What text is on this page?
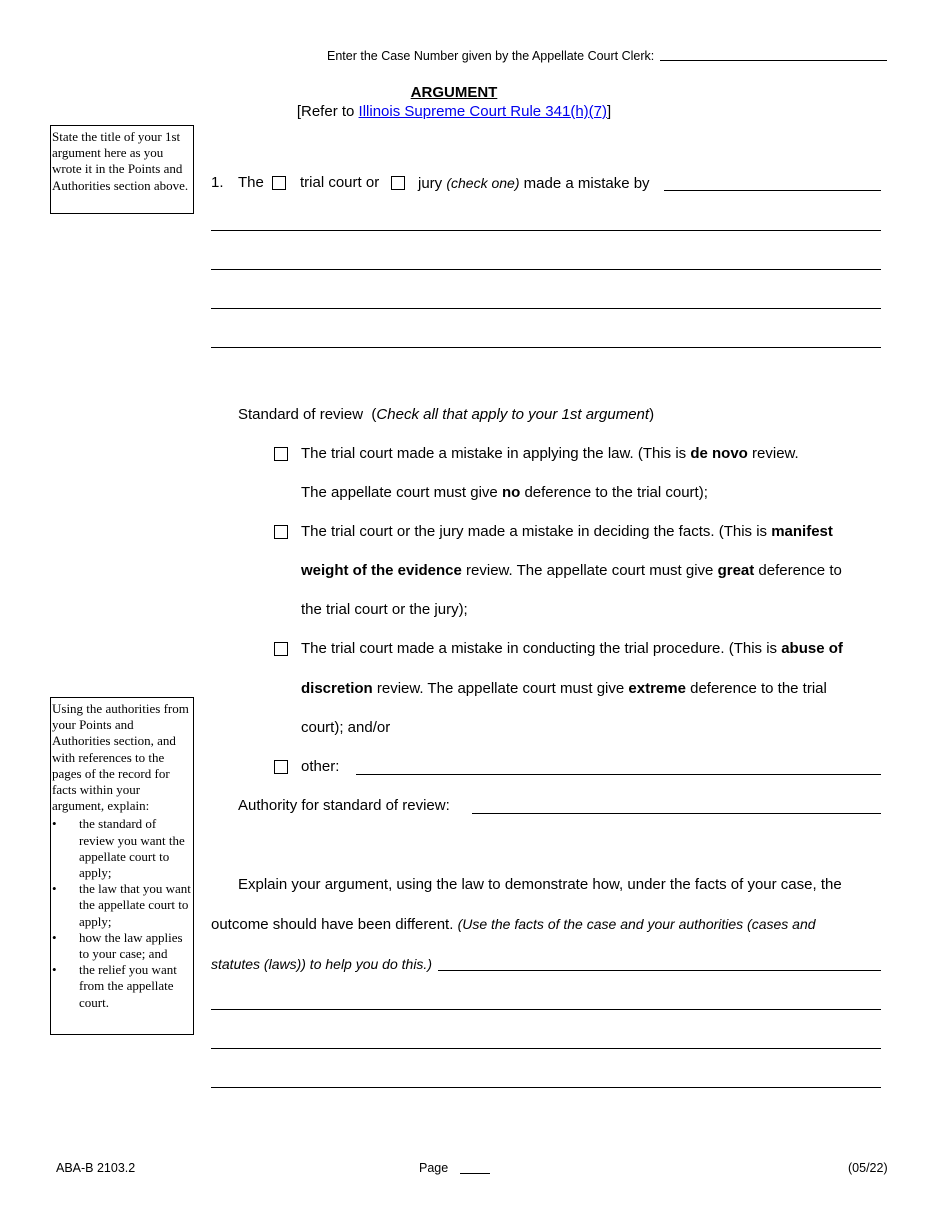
Enter the Case Number given by the Appellate Court Clerk:
ARGUMENT
[Refer to Illinois Supreme Court Rule 341(h)(7)]
State the title of your 1st argument here as you wrote it in the Points and Authorities section above.	1. The trial court or	jury (check one) made a mistake by
Standard of review  (Check all that apply to your 1st argument)
The trial court made a mistake in applying the law. (This is de novo review.
The appellate court must give no deference to the trial court);
The trial court or the jury made a mistake in deciding the facts. (This is manifest
weight of the evidence review. The appellate court must give great deference to
the trial court or the jury);
The trial court made a mistake in conducting the trial procedure. (This is abuse of
discretion review. The appellate court must give extreme deference to the trial
court); and/or
other:
Authority for standard of review:
Using the authorities from your Points and Authorities section, and with references to the pages of the record for facts within your argument, explain:
• the standard of review you want the appellate court to apply;
• the law that you want the appellate court to apply;
• how the law applies to your case; and
• the relief you want from the appellate court.
Explain your argument, using the law to demonstrate how, under the facts of your case, the
outcome should have been different. (Use the facts of the case and your authorities (cases and
statutes (laws)) to help you do this.)
ABA-B 2103.2	Page	(05/22)
